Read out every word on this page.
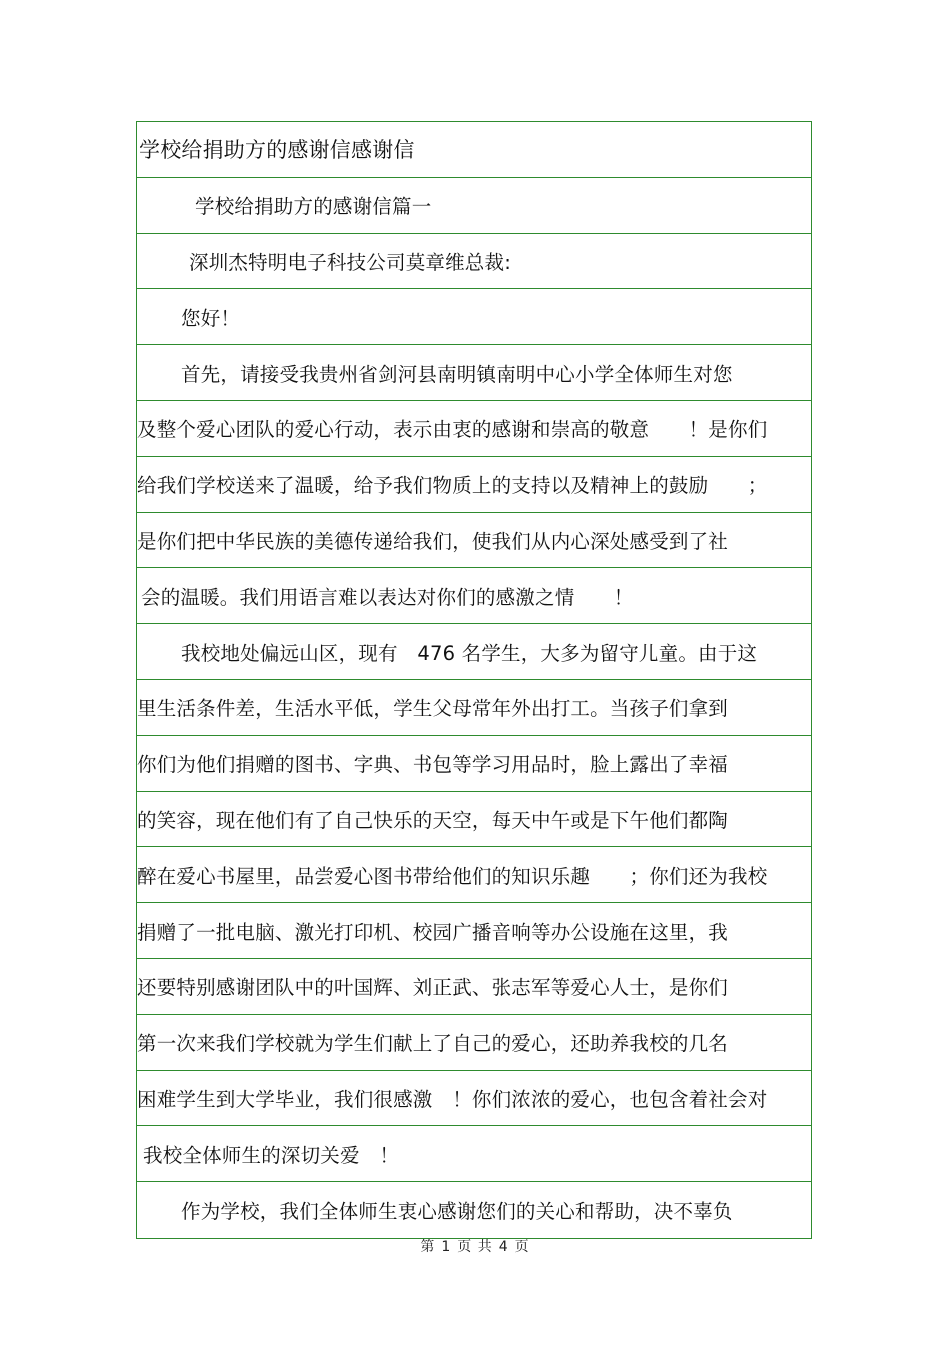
学校给捐助方的感谢信感谢信
学校给捐助方的感谢信篇一
深圳杰特明电子科技公司莫章维总裁:
您好！
首先，请接受我贵州省剑河县南明镇南明中心小学全体师生对您
及整个爱心团队的爱心行动，表示由衷的感谢和崇高的敬意　　！是你们
给我们学校送来了温暖，给予我们物质上的支持以及精神上的鼓励　　；
是你们把中华民族的美德传递给我们，使我们从内心深处感受到了社
会的温暖。我们用语言难以表达对你们的感激之情　　！
我校地处偏远山区，现有　476 名学生，大多为留守儿童。由于这
里生活条件差，生活水平低，学生父母常年外出打工。当孩子们拿到
你们为他们捐赠的图书、字典、书包等学习用品时，脸上露出了幸福
的笑容，现在他们有了自己快乐的天空，每天中午或是下午他们都陶
醉在爱心书屋里，品尝爱心图书带给他们的知识乐趣　　；你们还为我校
捐赠了一批电脑、激光打印机、校园广播音响等办公设施在这里，我
还要特别感谢团队中的叶国辉、刘正武、张志军等爱心人士，是你们
第一次来我们学校就为学生们献上了自己的爱心，还助养我校的几名
困难学生到大学毕业，我们很感激　！你们浓浓的爱心，也包含着社会对
我校全体师生的深切关爱　！
作为学校，我们全体师生衷心感谢您们的关心和帮助，决不辜负
第 1 页 共 4 页
